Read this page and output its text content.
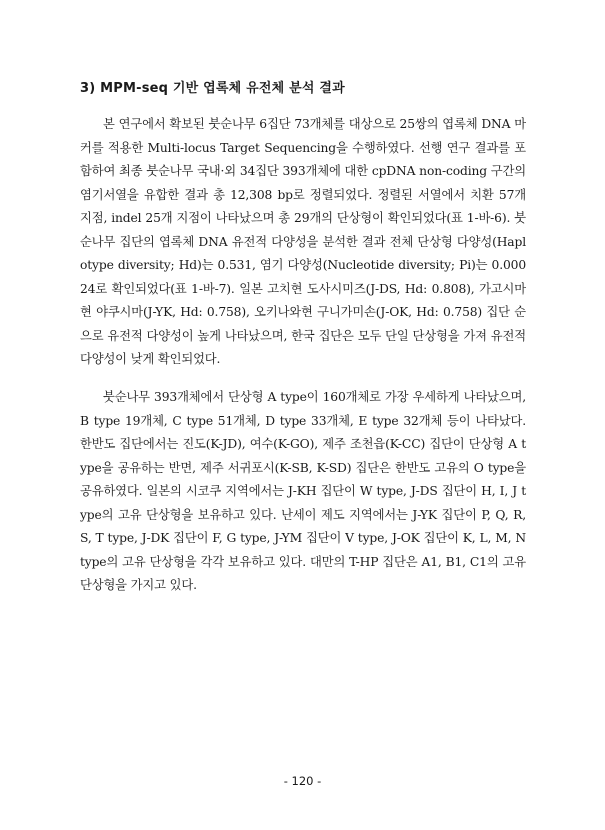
3) MPM-seq 기반 엽록체 유전체 분석 결과

본 연구에서 확보된 붓순나무 6집단 73개체를 대상으로 25쌍의 엽록체 DNA 마커를 적용한 Multi-locus Target Sequencing을 수행하였다. 선행 연구 결과를 포함하여 최종 붓순나무 국내·외 34집단 393개체에 대한 cpDNA non-coding 구간의 염기서열을 유합한 결과 총 12,308 bp로 정렬되었다. 정렬된 서열에서 치환 57개 지점, indel 25개 지점이 나타났으며 총 29개의 단상형이 확인되었다(표 1-바-6). 붓순나무 집단의 엽록체 DNA 유전적 다양성을 분석한 결과 전체 단상형 다양성(Haplotype diversity; Hd)는 0.531, 염기 다양성(Nucleotide diversity; Pi)는 0.00024로 확인되었다(표 1-바-7). 일본 고치현 도사시미즈(J-DS, Hd: 0.808), 가고시마현 야쿠시마(J-YK, Hd: 0.758), 오키나와현 구니가미손(J-OK, Hd: 0.758) 집단 순으로 유전적 다양성이 높게 나타났으며, 한국 집단은 모두 단일 단상형을 가져 유전적 다양성이 낮게 확인되었다.

붓순나무 393개체에서 단상형 A type이 160개체로 가장 우세하게 나타났으며, B type 19개체, C type 51개체, D type 33개체, E type 32개체 등이 나타났다. 한반도 집단에서는 진도(K-JD), 여수(K-GO), 제주 조천읍(K-CC) 집단이 단상형 A type을 공유하는 반면, 제주 서귀포시(K-SB, K-SD) 집단은 한반도 고유의 O type을 공유하였다. 일본의 시코쿠 지역에서는 J-KH 집단이 W type, J-DS 집단이 H, I, J type의 고유 단상형을 보유하고 있다. 난세이 제도 지역에서는 J-YK 집단이 P, Q, R, S, T type, J-DK 집단이 F, G type, J-YM 집단이 V type, J-OK 집단이 K, L, M, N type의 고유 단상형을 각각 보유하고 있다. 대만의 T-HP 집단은 A1, B1, C1의 고유 단상형을 가지고 있다.

- 120 -
